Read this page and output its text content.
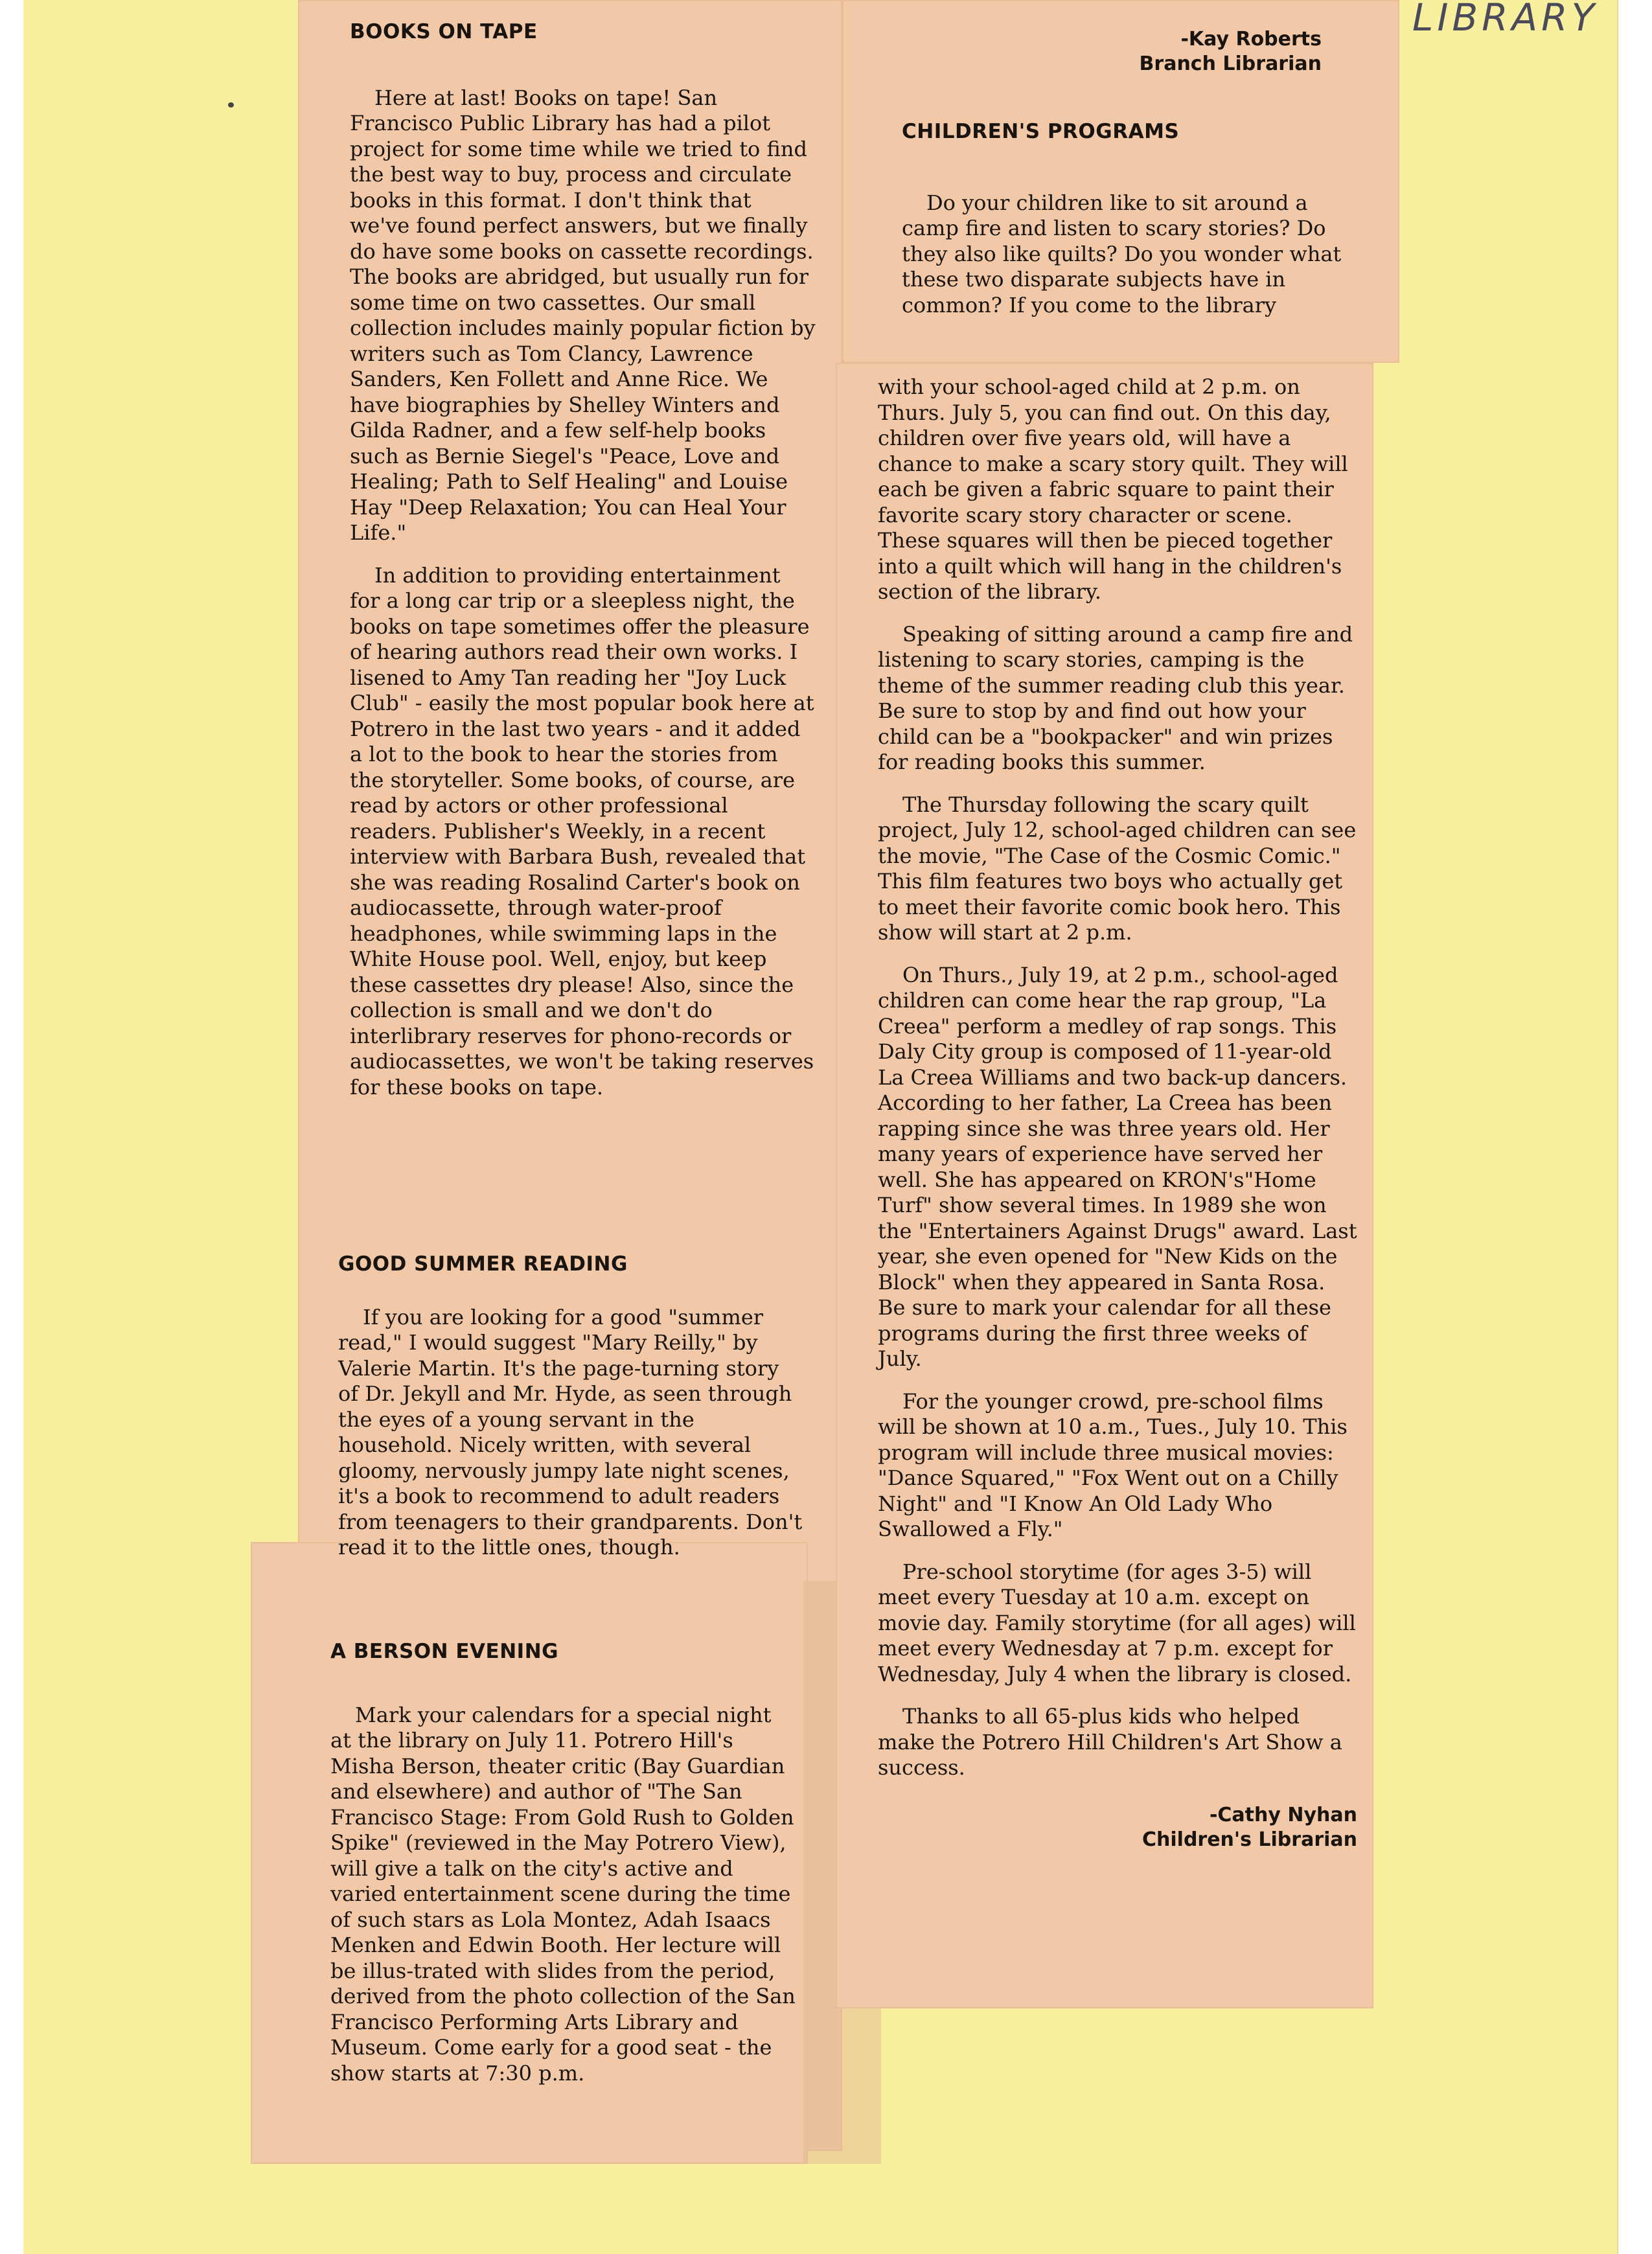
LIBRARY
BOOKS ON TAPE

Here at last! Books on tape! San Francisco Public Library has had a pilot project for some time while we tried to find the best way to buy, process and circulate books in this format. I don't think that we've found perfect answers, but we finally do have some books on cassette recordings. The books are abridged, but usually run for some time on two cassettes. Our small collection includes mainly popular fiction by writers such as Tom Clancy, Lawrence Sanders, Ken Follett and Anne Rice. We have biographies by Shelley Winters and Gilda Radner, and a few self-help books such as Bernie Siegel's "Peace, Love and Healing; Path to Self Healing" and Louise Hay "Deep Relaxation; You can Heal Your Life."

In addition to providing entertainment for a long car trip or a sleepless night, the books on tape sometimes offer the pleasure of hearing authors read their own works. I lisened to Amy Tan reading her "Joy Luck Club" - easily the most popular book here at Potrero in the last two years - and it added a lot to the book to hear the stories from the storyteller. Some books, of course, are read by actors or other professional readers. Publisher's Weekly, in a recent interview with Barbara Bush, revealed that she was reading Rosalind Carter's book on audiocassette, through water-proof headphones, while swimming laps in the White House pool. Well, enjoy, but keep these cassettes dry please! Also, since the collection is small and we don't do interlibrary reserves for phono-records or audiocassettes, we won't be taking reserves for these books on tape.

GOOD SUMMER READING

If you are looking for a good "summer read," I would suggest "Mary Reilly," by Valerie Martin. It's the page-turning story of Dr. Jekyll and Mr. Hyde, as seen through the eyes of a young servant in the household. Nicely written, with several gloomy, nervously jumpy late night scenes, it's a book to recommend to adult readers from teenagers to their grandparents. Don't read it to the little ones, though.

A BERSON EVENING

Mark your calendars for a special night at the library on July 11. Potrero Hill's Misha Berson, theater critic (Bay Guardian and elsewhere) and author of "The San Francisco Stage: From Gold Rush to Golden Spike" (reviewed in the May Potrero View), will give a talk on the city's active and varied entertainment scene during the time of such stars as Lola Montez, Adah Isaacs Menken and Edwin Booth. Her lecture will be illus-trated with slides from the period, derived from the photo collection of the San Francisco Performing Arts Library and Museum. Come early for a good seat - the show starts at 7:30 p.m.

-Kay Roberts
Branch Librarian
CHILDREN'S PROGRAMS

Do your children like to sit around a camp fire and listen to scary stories? Do they also like quilts? Do you wonder what these two disparate subjects have in common? If you come to the library

with your school-aged child at 2 p.m. on Thurs. July 5, you can find out. On this day, children over five years old, will have a chance to make a scary story quilt. They will each be given a fabric square to paint their favorite scary story character or scene. These squares will then be pieced together into a quilt which will hang in the children's section of the library.

Speaking of sitting around a camp fire and listening to scary stories, camping is the theme of the summer reading club this year. Be sure to stop by and find out how your child can be a "bookpacker" and win prizes for reading books this summer.

The Thursday following the scary quilt project, July 12, school-aged children can see the movie, "The Case of the Cosmic Comic." This film features two boys who actually get to meet their favorite comic book hero. This show will start at 2 p.m.

On Thurs., July 19, at 2 p.m., school-aged children can come hear the rap group, "La Creea" perform a medley of rap songs. This Daly City group is composed of 11-year-old La Creea Williams and two back-up dancers. According to her father, La Creea has been rapping since she was three years old. Her many years of experience have served her well. She has appeared on KRON's"Home Turf" show several times. In 1989 she won the "Entertainers Against Drugs" award. Last year, she even opened for "New Kids on the Block" when they appeared in Santa Rosa. Be sure to mark your calendar for all these programs during the first three weeks of July.

For the younger crowd, pre-school films will be shown at 10 a.m., Tues., July 10. This program will include three musical movies: "Dance Squared," "Fox Went out on a Chilly Night" and "I Know An Old Lady Who Swallowed a Fly."

Pre-school storytime (for ages 3-5) will meet every Tuesday at 10 a.m. except on movie day. Family storytime (for all ages) will meet every Wednesday at 7 p.m. except for Wednesday, July 4 when the library is closed.

Thanks to all 65-plus kids who helped make the Potrero Hill Children's Art Show a success.

-Cathy Nyhan
Children's Librarian
